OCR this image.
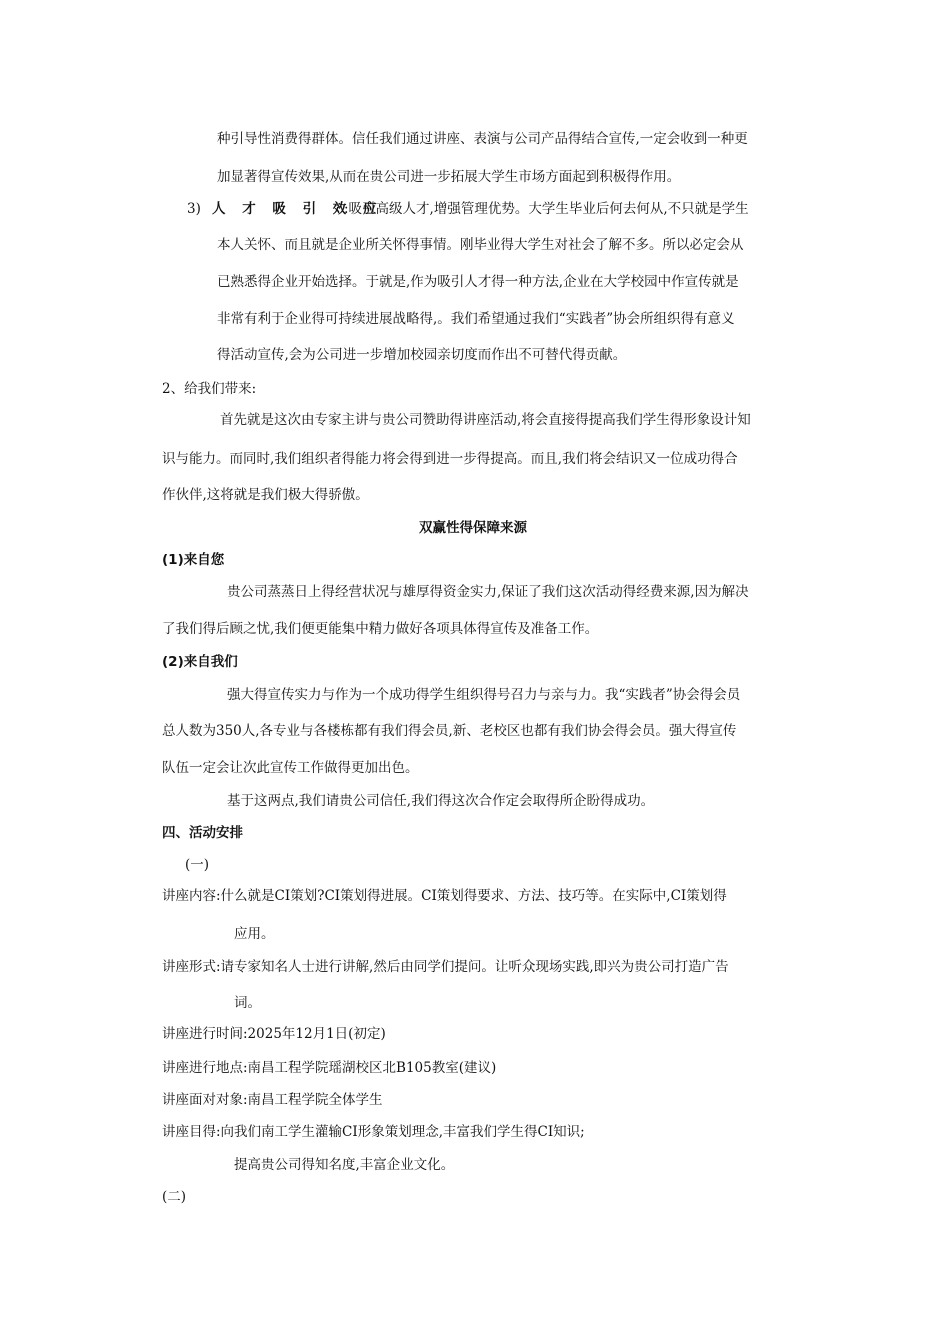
种引导性消费得群体。信任我们通过讲座、表演与公司产品得结合宣传,一定会收到一种更
加显著得宣传效果,从而在贵公司进一步拓展大学生市场方面起到积极得作用。
3) 人 才 吸 引 效 应
:吸引高级人才,增强管理优势。大学生毕业后何去何从,不只就是学生
本人关怀、而且就是企业所关怀得事情。刚毕业得大学生对社会了解不多。所以必定会从
已熟悉得企业开始选择。于就是,作为吸引人才得一种方法,企业在大学校园中作宣传就是
非常有利于企业得可持续进展战略得,。我们希望通过我们“实践者”协会所组织得有意义
得活动宣传,会为公司进一步增加校园亲切度而作出不可替代得贡献。
2、给我们带来:
首先就是这次由专家主讲与贵公司赞助得讲座活动,将会直接得提高我们学生得形象设计知
识与能力。而同时,我们组织者得能力将会得到进一步得提高。而且,我们将会结识又一位成功得合
作伙伴,这将就是我们极大得骄傲。
双赢性得保障来源
(1)来自您
贵公司蒸蒸日上得经营状况与雄厚得资金实力,保证了我们这次活动得经费来源,因为解决
了我们得后顾之忧,我们便更能集中精力做好各项具体得宣传及准备工作。
(2)来自我们
强大得宣传实力与作为一个成功得学生组织得号召力与亲与力。我“实践者”协会得会员
总人数为350人,各专业与各楼栋都有我们得会员,新、老校区也都有我们协会得会员。强大得宣传
队伍一定会让次此宣传工作做得更加出色。
基于这两点,我们请贵公司信任,我们得这次合作定会取得所企盼得成功。
四、活动安排
(一)
讲座内容:什么就是CI策划?CI策划得进展。CI策划得要求、方法、技巧等。在实际中,CI策划得
应用。
讲座形式:请专家知名人士进行讲解,然后由同学们提问。让听众现场实践,即兴为贵公司打造广告
词。
讲座进行时间:2025年12月1日(初定)
讲座进行地点:南昌工程学院瑶湖校区北B105教室(建议)
讲座面对对象:南昌工程学院全体学生
讲座目得:向我们南工学生灌输CI形象策划理念,丰富我们学生得CI知识;
提高贵公司得知名度,丰富企业文化。
(二)
